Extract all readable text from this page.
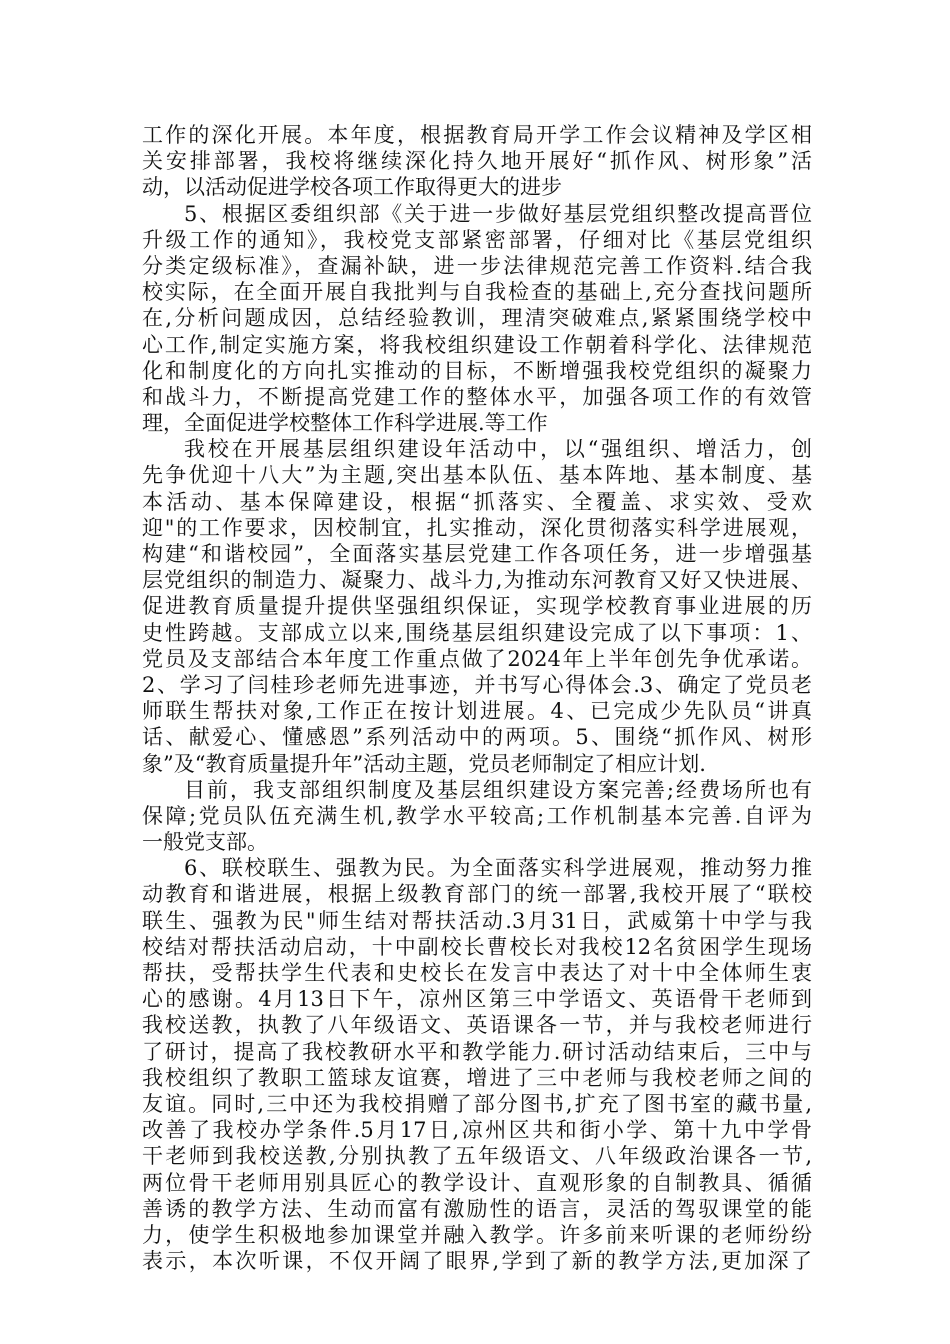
工作的深化开展。本年度，根据教育局开学工作会议精神及学区相
关安排部署，我校将继续深化持久地开展好“抓作风、树形象”活
动，以活动促进学校各项工作取得更大的进步
5、根据区委组织部《关于进一步做好基层党组织整改提高晋位
升级工作的通知》，我校党支部紧密部署，仔细对比《基层党组织
分类定级标准》，查漏补缺，进一步法律规范完善工作资料.结合我
校实际，在全面开展自我批判与自我检查的基础上,充分查找问题所
在,分析问题成因，总结经验教训，理清突破难点,紧紧围绕学校中
心工作,制定实施方案，将我校组织建设工作朝着科学化、法律规范
化和制度化的方向扎实推动的目标，不断增强我校党组织的凝聚力
和战斗力，不断提高党建工作的整体水平，加强各项工作的有效管
理，全面促进学校整体工作科学进展.等工作
我校在开展基层组织建设年活动中，以“强组织、增活力，创
先争优迎十八大”为主题,突出基本队伍、基本阵地、基本制度、基
本活动、基本保障建设，根据“抓落实、全覆盖、求实效、受欢
迎"的工作要求，因校制宜，扎实推动，深化贯彻落实科学进展观，
构建“和谐校园”，全面落实基层党建工作各项任务，进一步增强基
层党组织的制造力、凝聚力、战斗力,为推动东河教育又好又快进展、
促进教育质量提升提供坚强组织保证，实现学校教育事业进展的历
史性跨越。支部成立以来,围绕基层组织建设完成了以下事项：1、
党员及支部结合本年度工作重点做了2024年上半年创先争优承诺。
2、学习了闫桂珍老师先进事迹，并书写心得体会.3、确定了党员老
师联生帮扶对象,工作正在按计划进展。4、已完成少先队员“讲真
话、献爱心、懂感恩”系列活动中的两项。5、围绕“抓作风、树形
象”及“教育质量提升年”活动主题，党员老师制定了相应计划.
目前，我支部组织制度及基层组织建设方案完善;经费场所也有
保障;党员队伍充满生机,教学水平较高;工作机制基本完善.自评为
一般党支部。
6、联校联生、强教为民。为全面落实科学进展观，推动努力推
动教育和谐进展，根据上级教育部门的统一部署,我校开展了“联校
联生、强教为民"师生结对帮扶活动.3月31日，武威第十中学与我
校结对帮扶活动启动，十中副校长曹校长对我校12名贫困学生现场
帮扶，受帮扶学生代表和史校长在发言中表达了对十中全体师生衷
心的感谢。4月13日下午，凉州区第三中学语文、英语骨干老师到
我校送教，执教了八年级语文、英语课各一节，并与我校老师进行
了研讨，提高了我校教研水平和教学能力.研讨活动结束后，三中与
我校组织了教职工篮球友谊赛，增进了三中老师与我校老师之间的
友谊。同时,三中还为我校捐赠了部分图书,扩充了图书室的藏书量,
改善了我校办学条件.5月17日,凉州区共和街小学、第十九中学骨
干老师到我校送教,分别执教了五年级语文、八年级政治课各一节,
两位骨干老师用别具匠心的教学设计、直观形象的自制教具、循循
善诱的教学方法、生动而富有激励性的语言，灵活的驾驭课堂的能
力，使学生积极地参加课堂并融入教学。许多前来听课的老师纷纷
表示，本次听课，不仅开阔了眼界,学到了新的教学方法,更加深了
